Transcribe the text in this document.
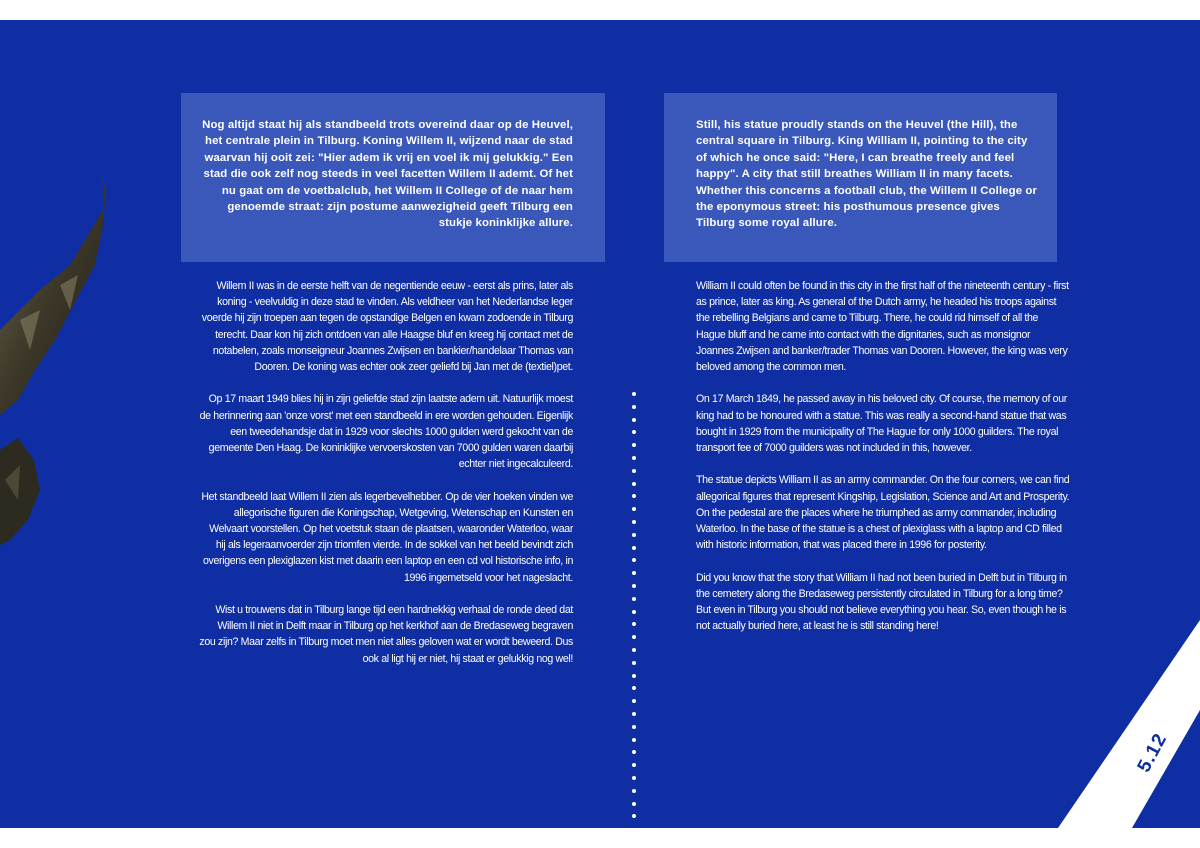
Nog altijd staat hij als standbeeld trots overeind daar op de Heuvel, het centrale plein in Tilburg. Koning Willem II, wijzend naar de stad waarvan hij ooit zei: "Hier adem ik vrij en voel ik mij gelukkig." Een stad die ook zelf nog steeds in veel facetten Willem II ademt. Of het nu gaat om de voetbalclub, het Willem II College of de naar hem genoemde straat: zijn postume aanwezigheid geeft Tilburg een stukje koninklijke allure.
Still, his statue proudly stands on the Heuvel (the Hill), the central square in Tilburg. King William II, pointing to the city of which he once said: "Here, I can breathe freely and feel happy". A city that still breathes William II in many facets. Whether this concerns a football club, the Willem II College or the eponymous street: his posthumous presence gives Tilburg some royal allure.

Willem II was in de eerste helft van de negentiende eeuw - eerst als prins, later als koning - veelvuldig in deze stad te vinden. Als veldheer van het Nederlandse leger voerde hij zijn troepen aan tegen de opstandige Belgen en kwam zodoende in Tilburg terecht. Daar kon hij zich ontdoen van alle Haagse bluf en kreeg hij contact met de notabelen, zoals monseigneur Joannes Zwijsen en bankier/handelaar Thomas van Dooren. De koning was echter ook zeer geliefd bij Jan met de (textiel)pet.

Op 17 maart 1949 blies hij in zijn geliefde stad zijn laatste adem uit. Natuurlijk moest de herinnering aan 'onze vorst' met een standbeeld in ere worden gehouden. Eigenlijk een tweedehandsje dat in 1929 voor slechts 1000 gulden werd gekocht van de gemeente Den Haag. De koninklijke vervoerskosten van 7000 gulden waren daarbij echter niet ingecalculeerd.

Het standbeeld laat Willem II zien als legerbevelhebber. Op de vier hoeken vinden we allegorische figuren die Koningschap, Wetgeving, Wetenschap en Kunsten en Welvaart voorstellen. Op het voetstuk staan de plaatsen, waaronder Waterloo, waar hij als legeraanvoerder zijn triomfen vierde. In de sokkel van het beeld bevindt zich overigens een plexiglazen kist met daarin een laptop en een cd vol historische info, in 1996 ingemetseld voor het nageslacht.

Wist u trouwens dat in Tilburg lange tijd een hardnekkig verhaal de ronde deed dat Willem II niet in Delft maar in Tilburg op het kerkhof aan de Bredaseweg begraven zou zijn? Maar zelfs in Tilburg moet men niet alles geloven wat er wordt beweerd. Dus ook al ligt hij er niet, hij staat er gelukkig nog wel!

William II could often be found in this city in the first half of the nineteenth century - first as prince, later as king. As general of the Dutch army, he headed his troops against the rebelling Belgians and came to Tilburg. There, he could rid himself of all the Hague bluff and he came into contact with the dignitaries, such as monsignor Joannes Zwijsen and banker/trader Thomas van Dooren. However, the king was very beloved among the common men.

On 17 March 1849, he passed away in his beloved city. Of course, the memory of our king had to be honoured with a statue. This was really a second-hand statue that was bought in 1929 from the municipality of The Hague for only 1000 guilders. The royal transport fee of 7000 guilders was not included in this, however.

The statue depicts William II as an army commander. On the four corners, we can find allegorical figures that represent Kingship, Legislation, Science and Art and Prosperity. On the pedestal are the places where he triumphed as army commander, including Waterloo. In the base of the statue is a chest of plexiglass with a laptop and CD filled with historic information, that was placed there in 1996 for posterity.

Did you know that the story that William II had not been buried in Delft but in Tilburg in the cemetery along the Bredaseweg persistently circulated in Tilburg for a long time? But even in Tilburg you should not believe everything you hear. So, even though he is not actually buried here, at least he is still standing here!

5.12
